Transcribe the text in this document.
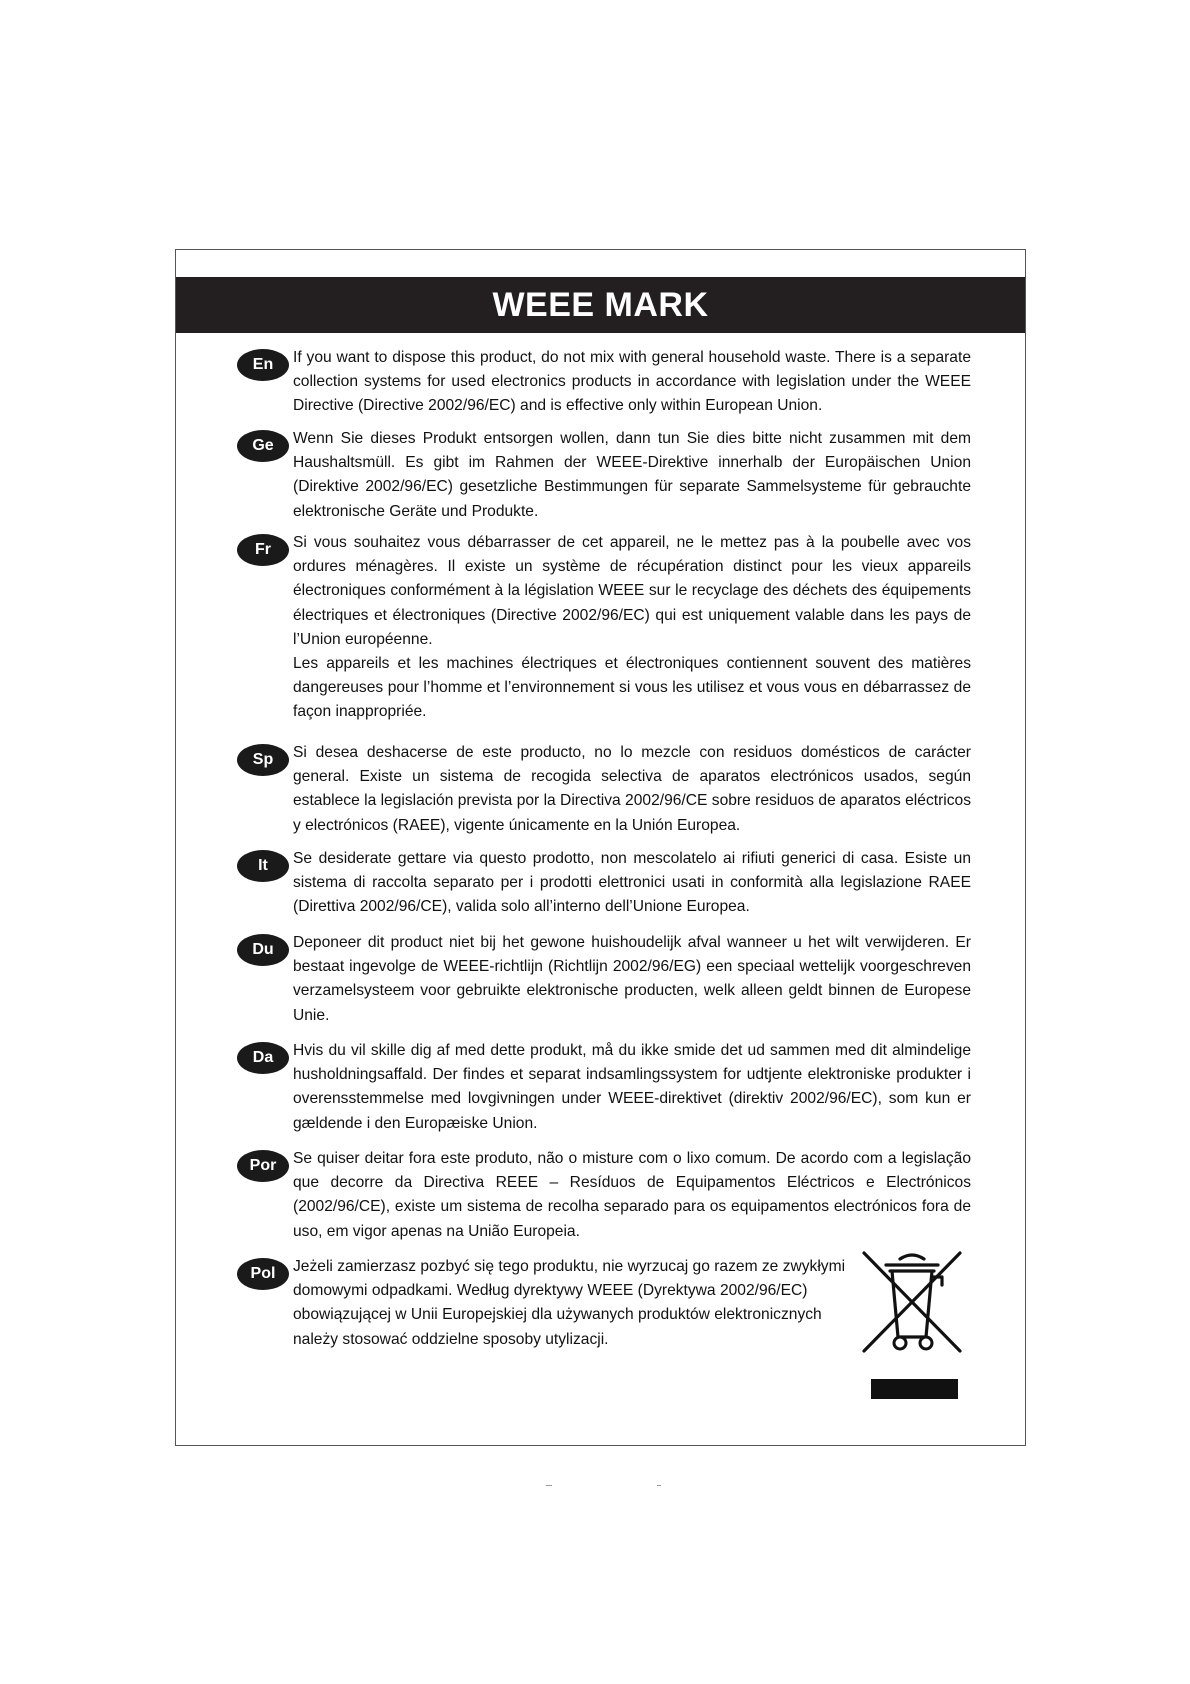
WEEE MARK
En	If you want to dispose this product, do not mix with general household waste. There is a separate collection systems for used electronics products in accordance with legislation under the WEEE Directive (Directive 2002/96/EC) and is effective only within European Union.

Ge	Wenn Sie dieses Produkt entsorgen wollen, dann tun Sie dies bitte nicht zusammen mit dem Haushaltsmüll. Es gibt im Rahmen der WEEE-Direktive innerhalb der Europäischen Union (Direktive 2002/96/EC) gesetzliche Bestimmungen für separate Sammelsysteme für gebrauchte elektronische Geräte und Produkte.

Fr	Si vous souhaitez vous débarrasser de cet appareil, ne le mettez pas à la poubelle avec vos ordures ménagères. Il existe un système de récupération distinct pour les vieux appareils électroniques conformément à la législation WEEE sur le recyclage des déchets des équipements électriques et électroniques (Directive 2002/96/EC) qui est uniquement valable dans les pays de l’Union européenne.

Les appareils et les machines électriques et électroniques contiennent souvent des matières dangereuses pour l’homme et l’environnement si vous les utilisez et vous vous en débarrassez de façon inappropriée.

Sp	Si desea deshacerse de este producto, no lo mezcle con residuos domésticos de carácter general. Existe un sistema de recogida selectiva de aparatos electrónicos usados, según establece la legislación prevista por la Directiva 2002/96/CE sobre residuos de aparatos eléctricos y electrónicos (RAEE), vigente únicamente en la Unión Europea.

It	Se desiderate gettare via questo prodotto, non mescolatelo ai rifiuti generici di casa. Esiste un sistema di raccolta separato per i prodotti elettronici usati in conformità alla legislazione RAEE (Direttiva 2002/96/CE), valida solo all’interno dell’Unione Europea.

Du	Deponeer dit product niet bij het gewone huishoudelijk afval wanneer u het wilt verwijderen. Er bestaat ingevolge de WEEE-richtlijn (Richtlijn 2002/96/EG) een speciaal wettelijk voorgeschreven verzamelsysteem voor gebruikte elektronische producten, welk alleen geldt binnen de Europese Unie.

Da	Hvis du vil skille dig af med dette produkt, må du ikke smide det ud sammen med dit almindelige husholdningsaffald. Der findes et separat indsamlingssystem for udtjente elektroniske produkter i overensstemmelse med lovgivningen under WEEE-direktivet (direktiv 2002/96/EC), som kun er gældende i den Europæiske Union.

Por	Se quiser deitar fora este produto, não o misture com o lixo comum. De acordo com a legislação que decorre da Directiva REEE – Resíduos de Equipamentos Eléctricos e Electrónicos (2002/96/CE), existe um sistema de recolha separado para os equipamentos electrónicos fora de uso, em vigor apenas na União Europeia.

Pol	Jeżeli zamierzasz pozbyć się tego produktu, nie wyrzucaj go razem ze zwykłymi domowymi odpadkami. Według dyrektywy WEEE (Dyrektywa 2002/96/EC) obowiązującej w Unii Europejskiej dla używanych produktów elektronicznych należy stosować oddzielne sposoby utylizacji.
